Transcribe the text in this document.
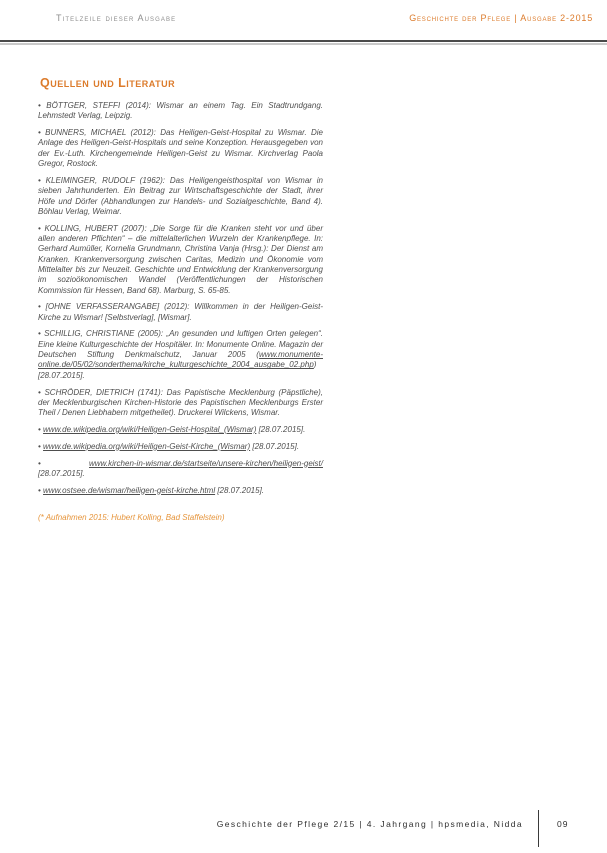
Titelzeile dieser Ausgabe	Geschichte der Pflege | Ausgabe 2-2015
Quellen und Literatur

• BÖTTGER, STEFFI (2014): Wismar an einem Tag. Ein Stadtrundgang. Lehmstedt Verlag, Leipzig.

• BUNNERS, MICHAEL (2012): Das Heiligen-Geist-Hospital zu Wismar. Die Anlage des Heiligen-Geist-Hospitals und seine Konzeption. Herausgegeben von der Ev.-Luth. Kirchengemeinde Heiligen-Geist zu Wismar. Kirchverlag Paola Gregor, Rostock.

• KLEIMINGER, RUDOLF (1962): Das Heiligengeisthospital von Wismar in sieben Jahrhunderten. Ein Beitrag zur Wirtschaftsgeschichte der Stadt, ihrer Höfe und Dörfer (Abhandlungen zur Handels- und Sozialgeschichte, Band 4). Böhlau Verlag, Weimar.

• KOLLING, HUBERT (2007): „Die Sorge für die Kranken steht vor und über allen anderen Pflichten“ – die mittelalterlichen Wurzeln der Krankenpflege. In: Gerhard Aumüller, Kornelia Grundmann, Christina Vanja (Hrsg.): Der Dienst am Kranken. Krankenversorgung zwischen Caritas, Medizin und Ökonomie vom Mittelalter bis zur Neuzeit. Geschichte und Entwicklung der Krankenversorgung im sozioökonomischen Wandel (Veröffentlichungen der Historischen Kommission für Hessen, Band 68). Marburg, S. 65-85.

• [OHNE VERFASSERANGABE] (2012): Willkommen in der Heiligen-Geist-Kirche zu Wismar! [Selbstverlag], [Wismar].

• SCHILLIG, CHRISTIANE (2005): „An gesunden und luftigen Orten gelegen“. Eine kleine Kulturgeschichte der Hospitäler. In: Monumente Online. Magazin der Deutschen Stiftung Denkmalschutz, Januar 2005 (www.monumente-online.de/05/02/sonderthema/kirche_kulturgeschichte_2004_ausgabe_02.php) [28.07.2015].

• SCHRÖDER, DIETRICH (1741): Das Papistische Mecklenburg (Päpstliche), der Mecklenburgischen Kirchen-Historie des Papistischen Mecklenburgs Erster Theil / Denen Liebhabern mitgetheilet). Druckerei Wilckens, Wismar.

• www.de.wikipedia.org/wiki/Heiligen-Geist-Hospital_(Wismar) [28.07.2015].

• www.de.wikipedia.org/wiki/Heiligen-Geist-Kirche_(Wismar) [28.07.2015].

• www.kirchen-in-wismar.de/startseite/unsere-kirchen/heiligen-geist/ [28.07.2015].

• www.ostsee.de/wismar/heiligen-geist-kirche.html [28.07.2015].

(* Aufnahmen 2015: Hubert Kolling, Bad Staffelstein)

Geschichte der Pflege 2/15 | 4. Jahrgang | hpsmedia, Nidda	09
